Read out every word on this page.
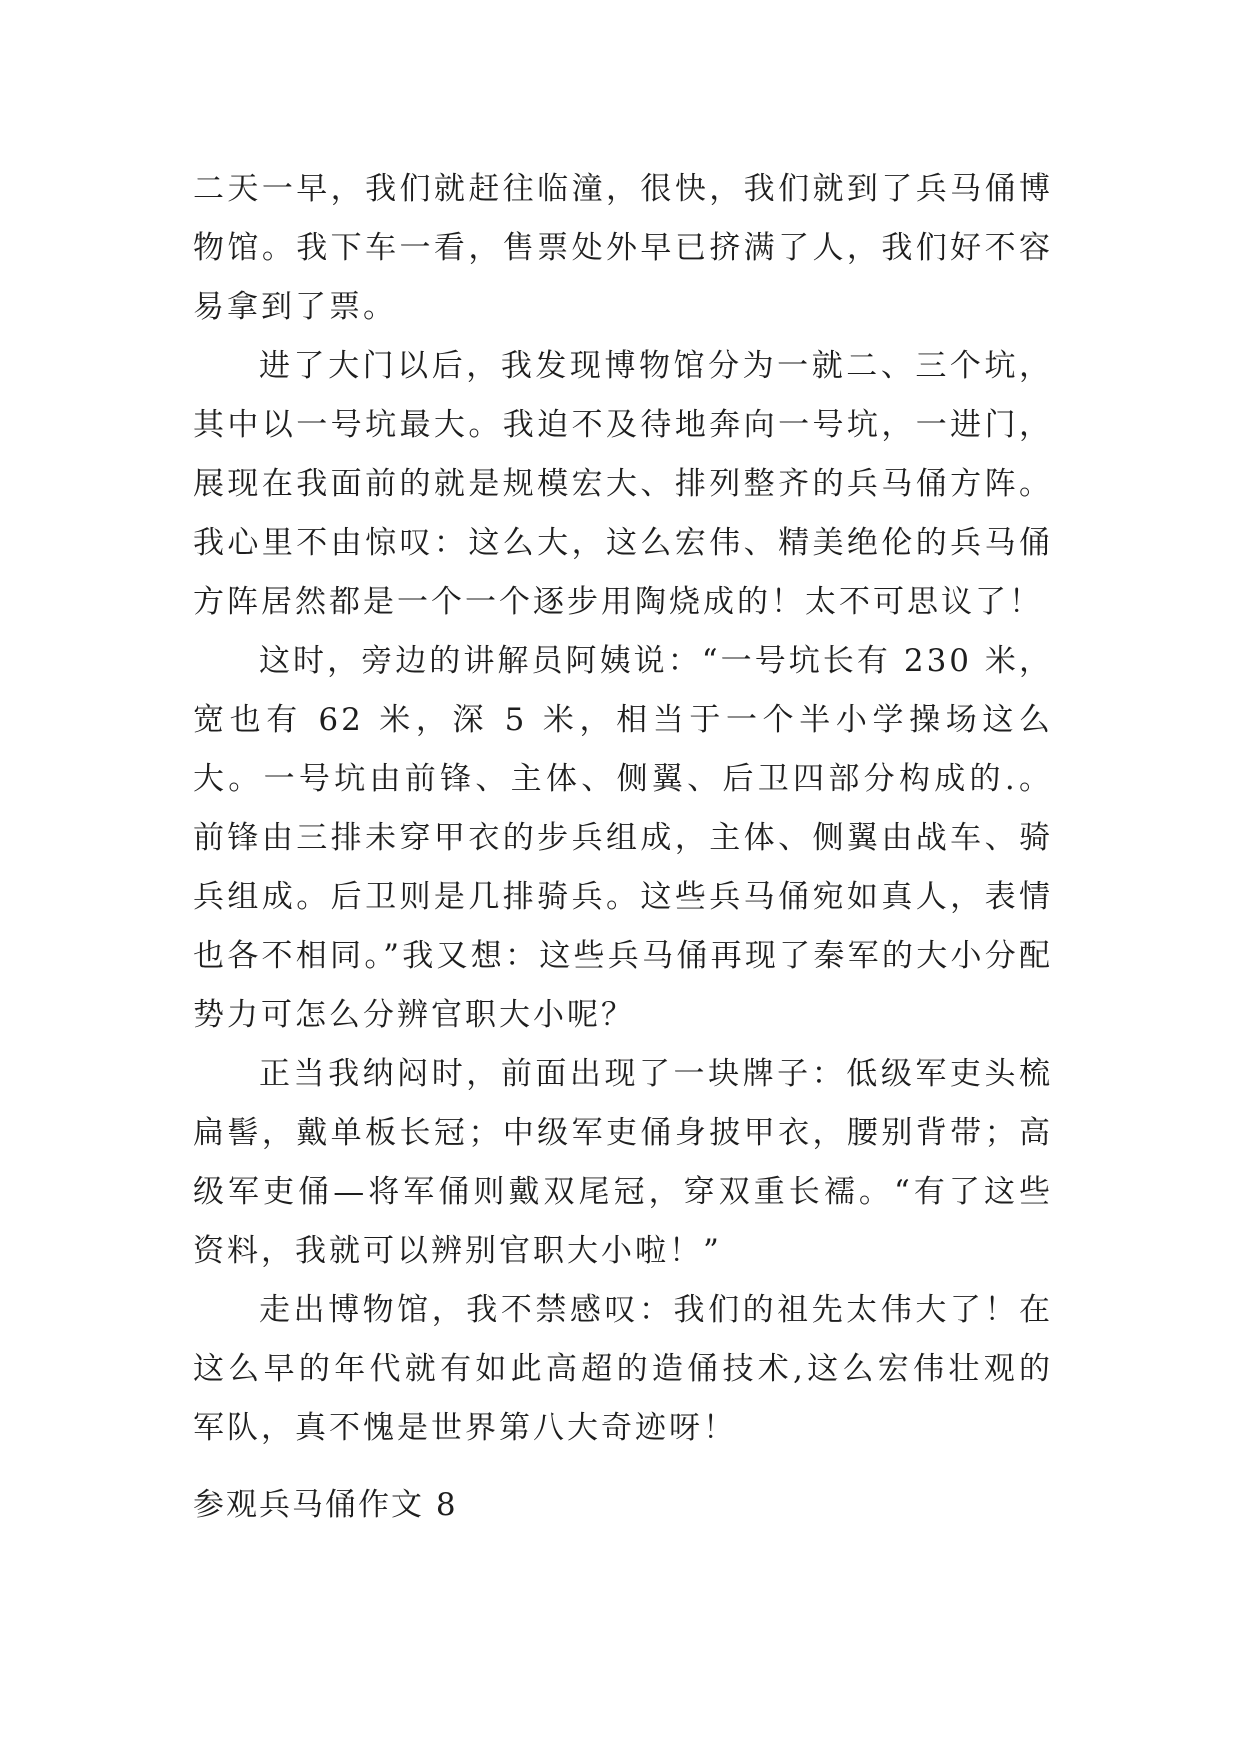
二天一早，我们就赶往临潼，很快，我们就到了兵马俑博物馆。我下车一看，售票处外早已挤满了人，我们好不容易拿到了票。

进了大门以后，我发现博物馆分为一就二、三个坑，其中以一号坑最大。我迫不及待地奔向一号坑，一进门，展现在我面前的就是规模宏大、排列整齐的兵马俑方阵。我心里不由惊叹：这么大，这么宏伟、精美绝伦的兵马俑方阵居然都是一个一个逐步用陶烧成的！太不可思议了！

这时，旁边的讲解员阿姨说：“一号坑长有 230 米，宽也有 62 米，深 5 米，相当于一个半小学操场这么大。一号坑由前锋、主体、侧翼、后卫四部分构成的.。前锋由三排未穿甲衣的步兵组成，主体、侧翼由战车、骑兵组成。后卫则是几排骑兵。这些兵马俑宛如真人，表情也各不相同。”我又想：这些兵马俑再现了秦军的大小分配势力可怎么分辨官职大小呢？

正当我纳闷时，前面出现了一块牌子：低级军吏头梳扁髻，戴单板长冠；中级军吏俑身披甲衣，腰别背带；高级军吏俑—将军俑则戴双尾冠，穿双重长襦。“有了这些资料，我就可以辨别官职大小啦！”

走出博物馆，我不禁感叹：我们的祖先太伟大了！在这么早的年代就有如此高超的造俑技术,这么宏伟壮观的军队，真不愧是世界第八大奇迹呀！

参观兵马俑作文 8
